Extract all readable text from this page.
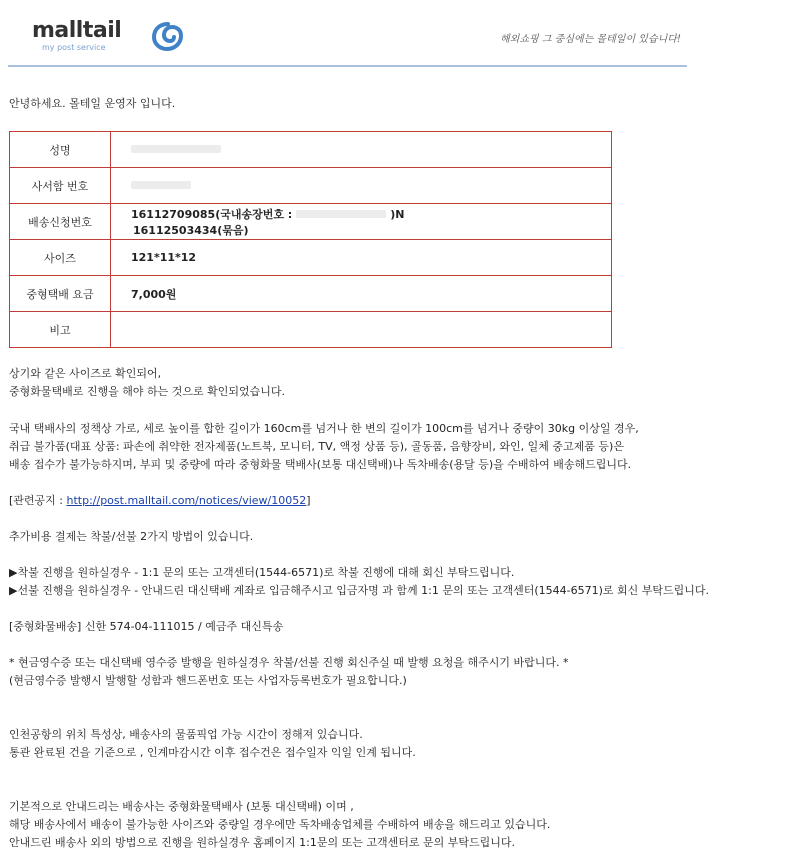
malltail
my post service
해외쇼핑 그 중심에는 몰테일이 있습니다!
안녕하세요. 몰테일 운영자 입니다.
성명	
사서함 번호	
배송신청번호	16112709085(국내송장번호 : )N
16112503434(묶음)

사이즈	121*11*12
중형택배 요금	7,000원
비고	
상기와 같은 사이즈로 확인되어,
중형화물택배로 진행을 해야 하는 것으로 확인되었습니다.
국내 택배사의 정책상 가로, 세로 높이를 합한 길이가 160cm를 넘거나 한 변의 길이가 100cm를 넘거나 중량이 30kg 이상일 경우,
취급 불가품(대표 상품: 파손에 취약한 전자제품(노트북, 모니터, TV, 액정 상품 등), 골동품, 음향장비, 와인, 일체 중고제품 등)은
배송 접수가 불가능하지며, 부피 및 중량에 따라 중형화물 택배사(보통 대신택배)나 독차배송(용달 등)을 수배하여 배송해드립니다.
[관련공지 : http://post.malltail.com/notices/view/10052]
추가비용 결제는 착불/선불 2가지 방법이 있습니다.
▶착불 진행을 원하실경우 - 1:1 문의 또는 고객센터(1544-6571)로 착불 진행에 대해 회신 부탁드립니다.
▶선불 진행을 원하실경우 - 안내드린 대신택배 계좌로 입금해주시고 입금자명 과 함께 1:1 문의 또는 고객센터(1544-6571)로 회신 부탁드립니다.
[중형화물배송] 신한 574-04-111015 / 예금주 대신특송
* 현금영수증 또는 대신택배 영수증 발행을 원하실경우 착불/선불 진행 회신주실 때 발행 요청을 해주시기 바랍니다. *
(현금영수증 발행시 발행할 성함과 핸드폰번호 또는 사업자등록번호가 필요합니다.)
인천공항의 위치 특성상, 배송사의 물품픽업 가능 시간이 정해져 있습니다.
통관 완료된 건을 기준으로 , 인계마감시간 이후 접수건은 접수일자 익일 인계 됩니다.
기본적으로 안내드리는 배송사는 중형화물택배사 (보통 대신택배) 이며 ,
해당 배송사에서 배송이 불가능한 사이즈와 중량일 경우에만 독차배송업체를 수배하여 배송을 해드리고 있습니다.
안내드린 배송사 외의 방법으로 진행을 원하실경우 홈페이지 1:1문의 또는 고객센터로 문의 부탁드립니다.
